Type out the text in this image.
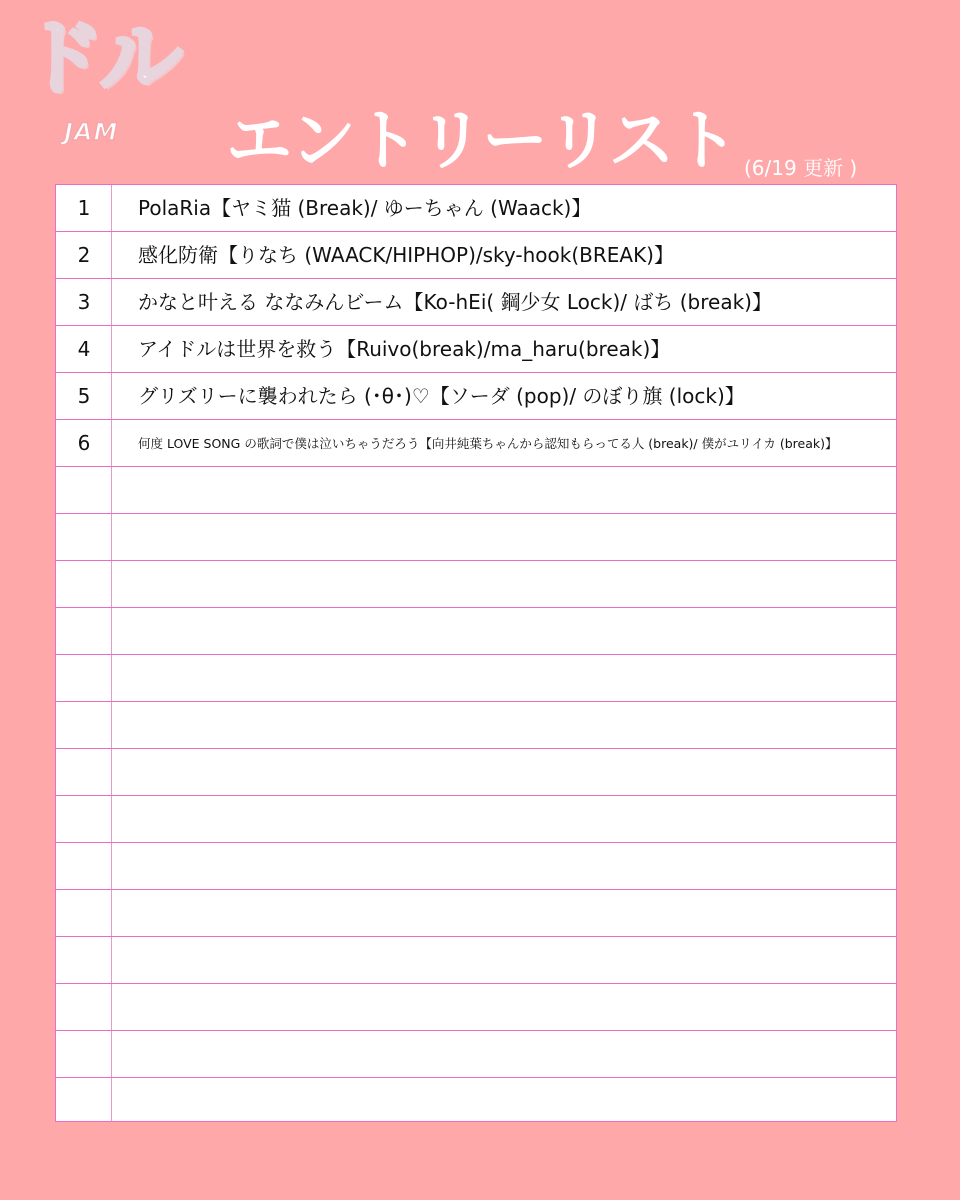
ドル
JAM エントリーリスト (6/19 更新 )
1	PolaRia【ヤミ猫 (Break)/ ゆーちゃん (Waack)】
2	感化防衛【りなち (WAACK/HIPHOP)/sky-hook(BREAK)】
3	かなと叶える ななみんビーム【Ko-hEi( 鋼少女 Lock)/ ばち (break)】
4	アイドルは世界を救う【Ruivo(break)/ma_haru(break)】
5	グリズリーに襲われたら (･θ･)♡【ソーダ (pop)/ のぼり旗 (lock)】
6	何度 LOVE SONG の歌詞で僕は泣いちゃうだろう【向井純葉ちゃんから認知もらってる人 (break)/ 僕がユリイカ (break)】
